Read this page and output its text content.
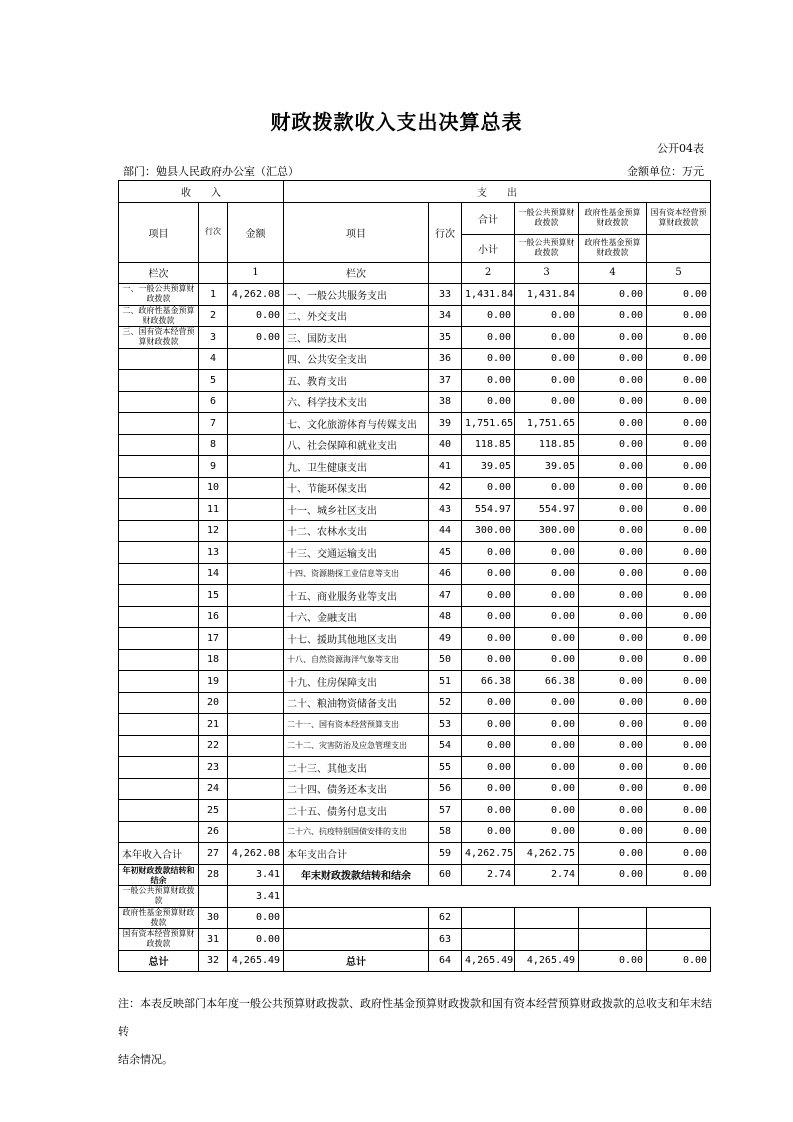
财政拨款收入支出决算总表
公开04表
部门：勉县人民政府办公室（汇总）	金额单位：万元
收　　入			支　　出					
项目	行次	金额	项目	行次	合计	一般公共预算财政拨款	政府性基金预算财政拨款	国有资本经营预算财政拨款
					小计	一般公共预算财政拨款	政府性基金预算财政拨款	
栏次		1	栏次		2	3	4	5
一、一般公共预算财政拨款	1	4,262.08	一、一般公共服务支出	33	1,431.84	1,431.84	0.00	0.00
二、政府性基金预算财政拨款	2	0.00	二、外交支出	34	0.00	0.00	0.00	0.00
三、国有资本经营预算财政拨款	3	0.00	三、国防支出	35	0.00	0.00	0.00	0.00
	4		四、公共安全支出	36	0.00	0.00	0.00	0.00
	5		五、教育支出	37	0.00	0.00	0.00	0.00
	6		六、科学技术支出	38	0.00	0.00	0.00	0.00
	7		七、文化旅游体育与传媒支出	39	1,751.65	1,751.65	0.00	0.00
	8		八、社会保障和就业支出	40	118.85	118.85	0.00	0.00
	9		九、卫生健康支出	41	39.05	39.05	0.00	0.00
	10		十、节能环保支出	42	0.00	0.00	0.00	0.00
	11		十一、城乡社区支出	43	554.97	554.97	0.00	0.00
	12		十二、农林水支出	44	300.00	300.00	0.00	0.00
	13		十三、交通运输支出	45	0.00	0.00	0.00	0.00
	14		十四、资源勘探工业信息等支出	46	0.00	0.00	0.00	0.00
	15		十五、商业服务业等支出	47	0.00	0.00	0.00	0.00
	16		十六、金融支出	48	0.00	0.00	0.00	0.00
	17		十七、援助其他地区支出	49	0.00	0.00	0.00	0.00
	18		十八、自然资源海洋气象等支出	50	0.00	0.00	0.00	0.00
	19		十九、住房保障支出	51	66.38	66.38	0.00	0.00
	20		二十、粮油物资储备支出	52	0.00	0.00	0.00	0.00
	21		二十一、国有资本经营预算支出	53	0.00	0.00	0.00	0.00
	22		二十二、灾害防治及应急管理支出	54	0.00	0.00	0.00	0.00
	23		二十三、其他支出	55	0.00	0.00	0.00	0.00
	24		二十四、债务还本支出	56	0.00	0.00	0.00	0.00
	25		二十五、债务付息支出	57	0.00	0.00	0.00	0.00
	26		二十六、抗疫特别国债安排的支出	58	0.00	0.00	0.00	0.00
本年收入合计	27	4,262.08	本年支出合计	59	4,262.75	4,262.75	0.00	0.00
年初财政拨款结转和结余	28	3.41	年末财政拨款结转和结余	60	2.74	2.74	0.00	0.00
一般公共预算财政拨款		3.41						
政府性基金预算财政拨款	30	0.00		62				
国有资本经营预算财政拨款	31	0.00		63				
总计	32	4,265.49	总计	64	4,265.49	4,265.49	0.00	0.00
注：本表反映部门本年度一般公共预算财政拨款、政府性基金预算财政拨款和国有资本经营预算财政拨款的总收支和年末结转
结余情况。
